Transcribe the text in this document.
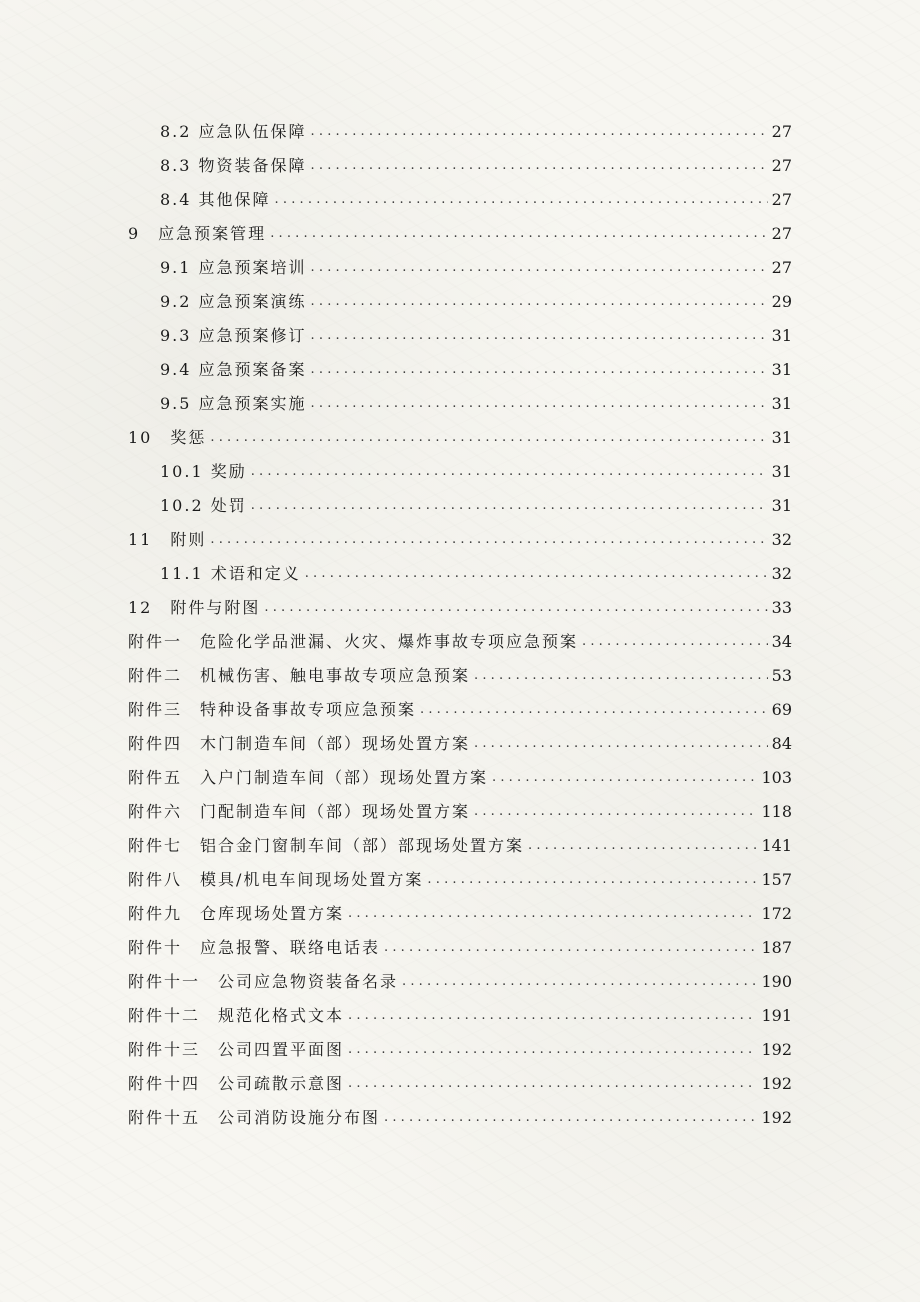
8.2 应急队伍保障 .....	27
8.3 物资装备保障 .....	27
8.4 其他保障 .....	27
9　应急预案管理 .....	27
9.1 应急预案培训 .....	27
9.2 应急预案演练 .....	29
9.3 应急预案修订 .....	31
9.4 应急预案备案 .....	31
9.5 应急预案实施 .....	31
10　奖惩 .....	31
10.1 奖励 .....	31
10.2 处罚 .....	31
11　附则 .....	32
11.1 术语和定义 .....	32
12　附件与附图 .....	33
附件一　危险化学品泄漏、火灾、爆炸事故专项应急预案 .....	34
附件二　机械伤害、触电事故专项应急预案 .....	53
附件三　特种设备事故专项应急预案 .....	69
附件四　木门制造车间（部）现场处置方案 .....	84
附件五　入户门制造车间（部）现场处置方案 .....	103
附件六　门配制造车间（部）现场处置方案 .....	118
附件七　铝合金门窗制车间（部）部现场处置方案 .....	141
附件八　模具/机电车间现场处置方案 .....	157
附件九　仓库现场处置方案 .....	172
附件十　应急报警、联络电话表 .....	187
附件十一　公司应急物资装备名录 .....	190
附件十二　规范化格式文本 .....	191
附件十三　公司四置平面图 .....	192
附件十四　公司疏散示意图 .....	192
附件十五　公司消防设施分布图 .....	192
